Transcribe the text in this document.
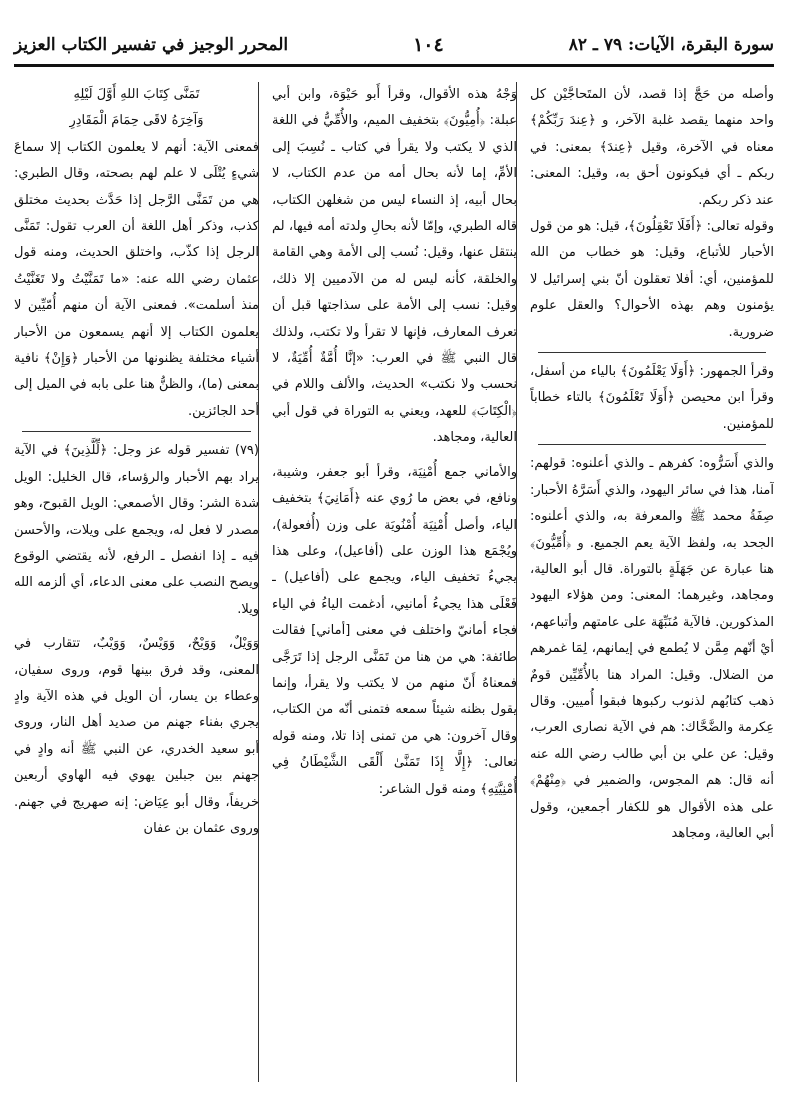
سورة البقرة، الآيات: ٧٩ ـ ٨٢
١٠٤
المحرر الوجيز في تفسير الكتاب العزيز

وأصله من حَجَّ إذا قصد، لأن المتَحاجَّيْن كل واحد منهما يقصد غلبة الآخر، و ﴿عِندَ رَبِّكُمْ﴾ معناه في الآخرة، وقيل ﴿عِندَ﴾ بمعنى: في ربكم ـ أي فيكونون أحق به، وقيل: المعنى: عند ذكر ربكم.

وقوله تعالى: ﴿أَفَلَا تَعْقِلُونَ﴾، قيل: هو من قول الأحبار للأتباع، وقيل: هو خطاب من الله للمؤمنين، أي: أفلا تعقلون أنّ بني إسرائيل لا يؤمنون وهم بهذه الأحوال؟ والعقل علوم ضرورية.

وقرأ الجمهور: ﴿أَوَلَا يَعْلَمُونَ﴾ بالياء من أسفل، وقرأ ابن محيصن ﴿أَوَلَا تَعْلَمُونَ﴾ بالتاء خطاباً للمؤمنين.

والذي أَسَرُّوه: كفرهم ـ والذي أعلنوه: قولهم: آمنا، هذا في سائر اليهود، والذي أَسَرَّهُ الأحبار: صِفَةُ محمد ﷺ والمعرفة به، والذي أعلنوه: الجحد به، ولفظ الآية يعم الجميع. و ﴿أُمِّيُّونَ﴾ هنا عبارة عن جَهَلَةٍ بالتوراة. قال أبو العالية، ومجاهد، وغيرهما: المعنى: ومن هؤلاء اليهود المذكورين. فالآية مُنَبِّهَة على عامتهم وأتباعهم، أيْ أنّهم مِمَّن لا يُطمع في إيمانهم، لِمَا غمرهم من الضلال. وقيل: المراد هنا بالأُمِّيِّين قومٌ ذهب كتابُهم لذنوب ركبوها فبقوا أُميين. وقال عِكرمة والضَّحَّاك: هم في الآية نصارى العرب، وقيل: عن علي بن أبي طالب رضي الله عنه أنه قال: هم المجوس، والضمير في ﴿مِنْهُمْ﴾ على هذه الأقوال هو للكفار أجمعين، وقول أبي العالية، ومجاهد

وَجْهُ هذه الأقوال، وقرأ أَبو حَيْوَة، وابن أبي عبلة: ﴿أُمِيُّونَ﴾ بتخفيف الميم، والأُمِّيُّ في اللغة الذي لا يكتب ولا يقرأ في كتاب ـ نُسِبَ إلى الأمِّ، إما لأنه بحال أمه من عدم الكتاب، لا بحال أبيه، إذ النساء ليس من شغلهن الكتاب، قاله الطبري، وإمّا لأنه بحالِ ولدته أمه فيها، لم ينتقل عنها، وقيل: نُسب إلى الأمة وهي القامة والخلقة، كأنه ليس له من الآدميين إلا ذلك، وقيل: نسب إلى الأمة على سذاجتها قبل أن تعرف المعارف، فإنها لا تقرأ ولا تكتب، ولذلك قال النبي ﷺ في العرب: «إنَّا أُمَّةٌ أُمِّيَةٌ، لا نحسب ولا نكتب» الحديث، والألف واللام في ﴿الْكِتَابَ﴾ للعهد، ويعني به التوراة في قول أبي العالية، ومجاهد.

والأماني جمع أُمْنِيَة، وقرأ أبو جعفر، وشيبة، ونافع، في بعض ما رُوي عنه ﴿أَمَانِيَ﴾ بتخفيف الياء، وأصل أُمْنِيَة أُمْنُويَة على وزن (أُفعولة)، ويُجْمَع هذا الوزن على (أفاعيل)، وعلى هذا يجيءُ تخفيف الياء، ويجمع على (أفاعيل) ـ فَعْلَى هذا يجيءُ أمانيي، أدغمت الياءُ في الياء فجاء أمانيّ واختلف في معنى [أماني] فقالت طائفة: هي من هنا من تَمَنَّى الرجل إذا تَرَجَّى فمعناهُ أَنّ منهم من لا يكتب ولا يقرأ، وإنما يقول بظنه شيئاً سمعه فتمنى أنّه من الكتاب، وقال آخرون: هي من تمنى إذا تلا، ومنه قوله تعالى: ﴿إِلَّا إِذَا تَمَنَّىٰ أَلْقَى الشَّيْطَانُ فِي أُمْنِيَّتِهِ﴾ ومنه قول الشاعر:

تَمَنَّى كِتَابَ اللهِ أَوَّلَ لَيْلِهِ
وَآخِرَهُ لاقَى حِمَامَ الْمَقَادِرِ

فمعنى الآية: أنهم لا يعلمون الكتاب إلا سماعَ شيءٍ يُتْلَى لا علم لهم بصحته، وقال الطبري: هي من تَمَنَّى الرَّجل إذا حَدَّث بحديث مختلق كذب، وذكر أهل اللغة أن العرب تقول: تَمَنَّى الرجل إذا كذّب، واختلق الحديث، ومنه قول عثمان رضي الله عنه: «ما تَمَنَّيْتُ ولا تَغَنَّيْتُ منذ أسلمت». فمعنى الآية أن منهم أُمّيِّين لا يعلمون الكتاب إلا أنهم يسمعون من الأحبار أشياء مختلفة يظنونها من الأحبار ﴿وَإِنْ﴾ نافية بمعنى (ما)، والظنُّ هنا على بابه في الميل إلى أحد الجائزين.

(٧٩) تفسير قوله عز وجل: ﴿لِّلَّذِينَ﴾ في الآية يراد بهم الأحبار والرؤساء، قال الخليل: الويل شدة الشر: وقال الأصمعي: الويل القبوح، وهو مصدر لا فعل له، ويجمع على ويلات، والأحسن فيه ـ إذا انفصل ـ الرفع، لأنه يقتضي الوقوع ويصح النصب على معنى الدعاء، أي ألزمه الله ويلا.

وَوَيْلٌ، وَوَيْحٌ، وَوَيْسٌ، وَوَيْبٌ، تتقارب في المعنى، وقد فرق بينها قوم، وروى سفيان، وعطاء بن يسار، أن الويل في هذه الآية وادٍ يجري بفناء جهنم من صديد أهل النار، وروى أبو سعيد الخدري، عن النبي ﷺ أنه وادٍ في جهنم بين جبلين يهوي فيه الهاوي أربعين خريفاً، وقال أبو عِيَاض: إنه صهريج في جهنم. وروى عثمان بن عفان
